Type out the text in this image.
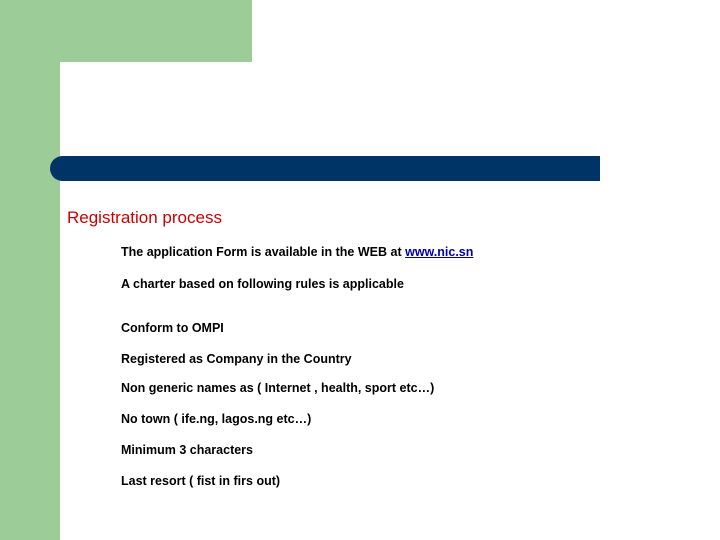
Registration process
The application Form is available in the WEB at www.nic.sn
A charter based on following rules is applicable
Conform to OMPI
Registered as Company in the Country
Non generic names as ( Internet , health, sport etc…)
No town ( ife.ng, lagos.ng etc…)
Minimum 3 characters
Last resort ( fist in firs out)
